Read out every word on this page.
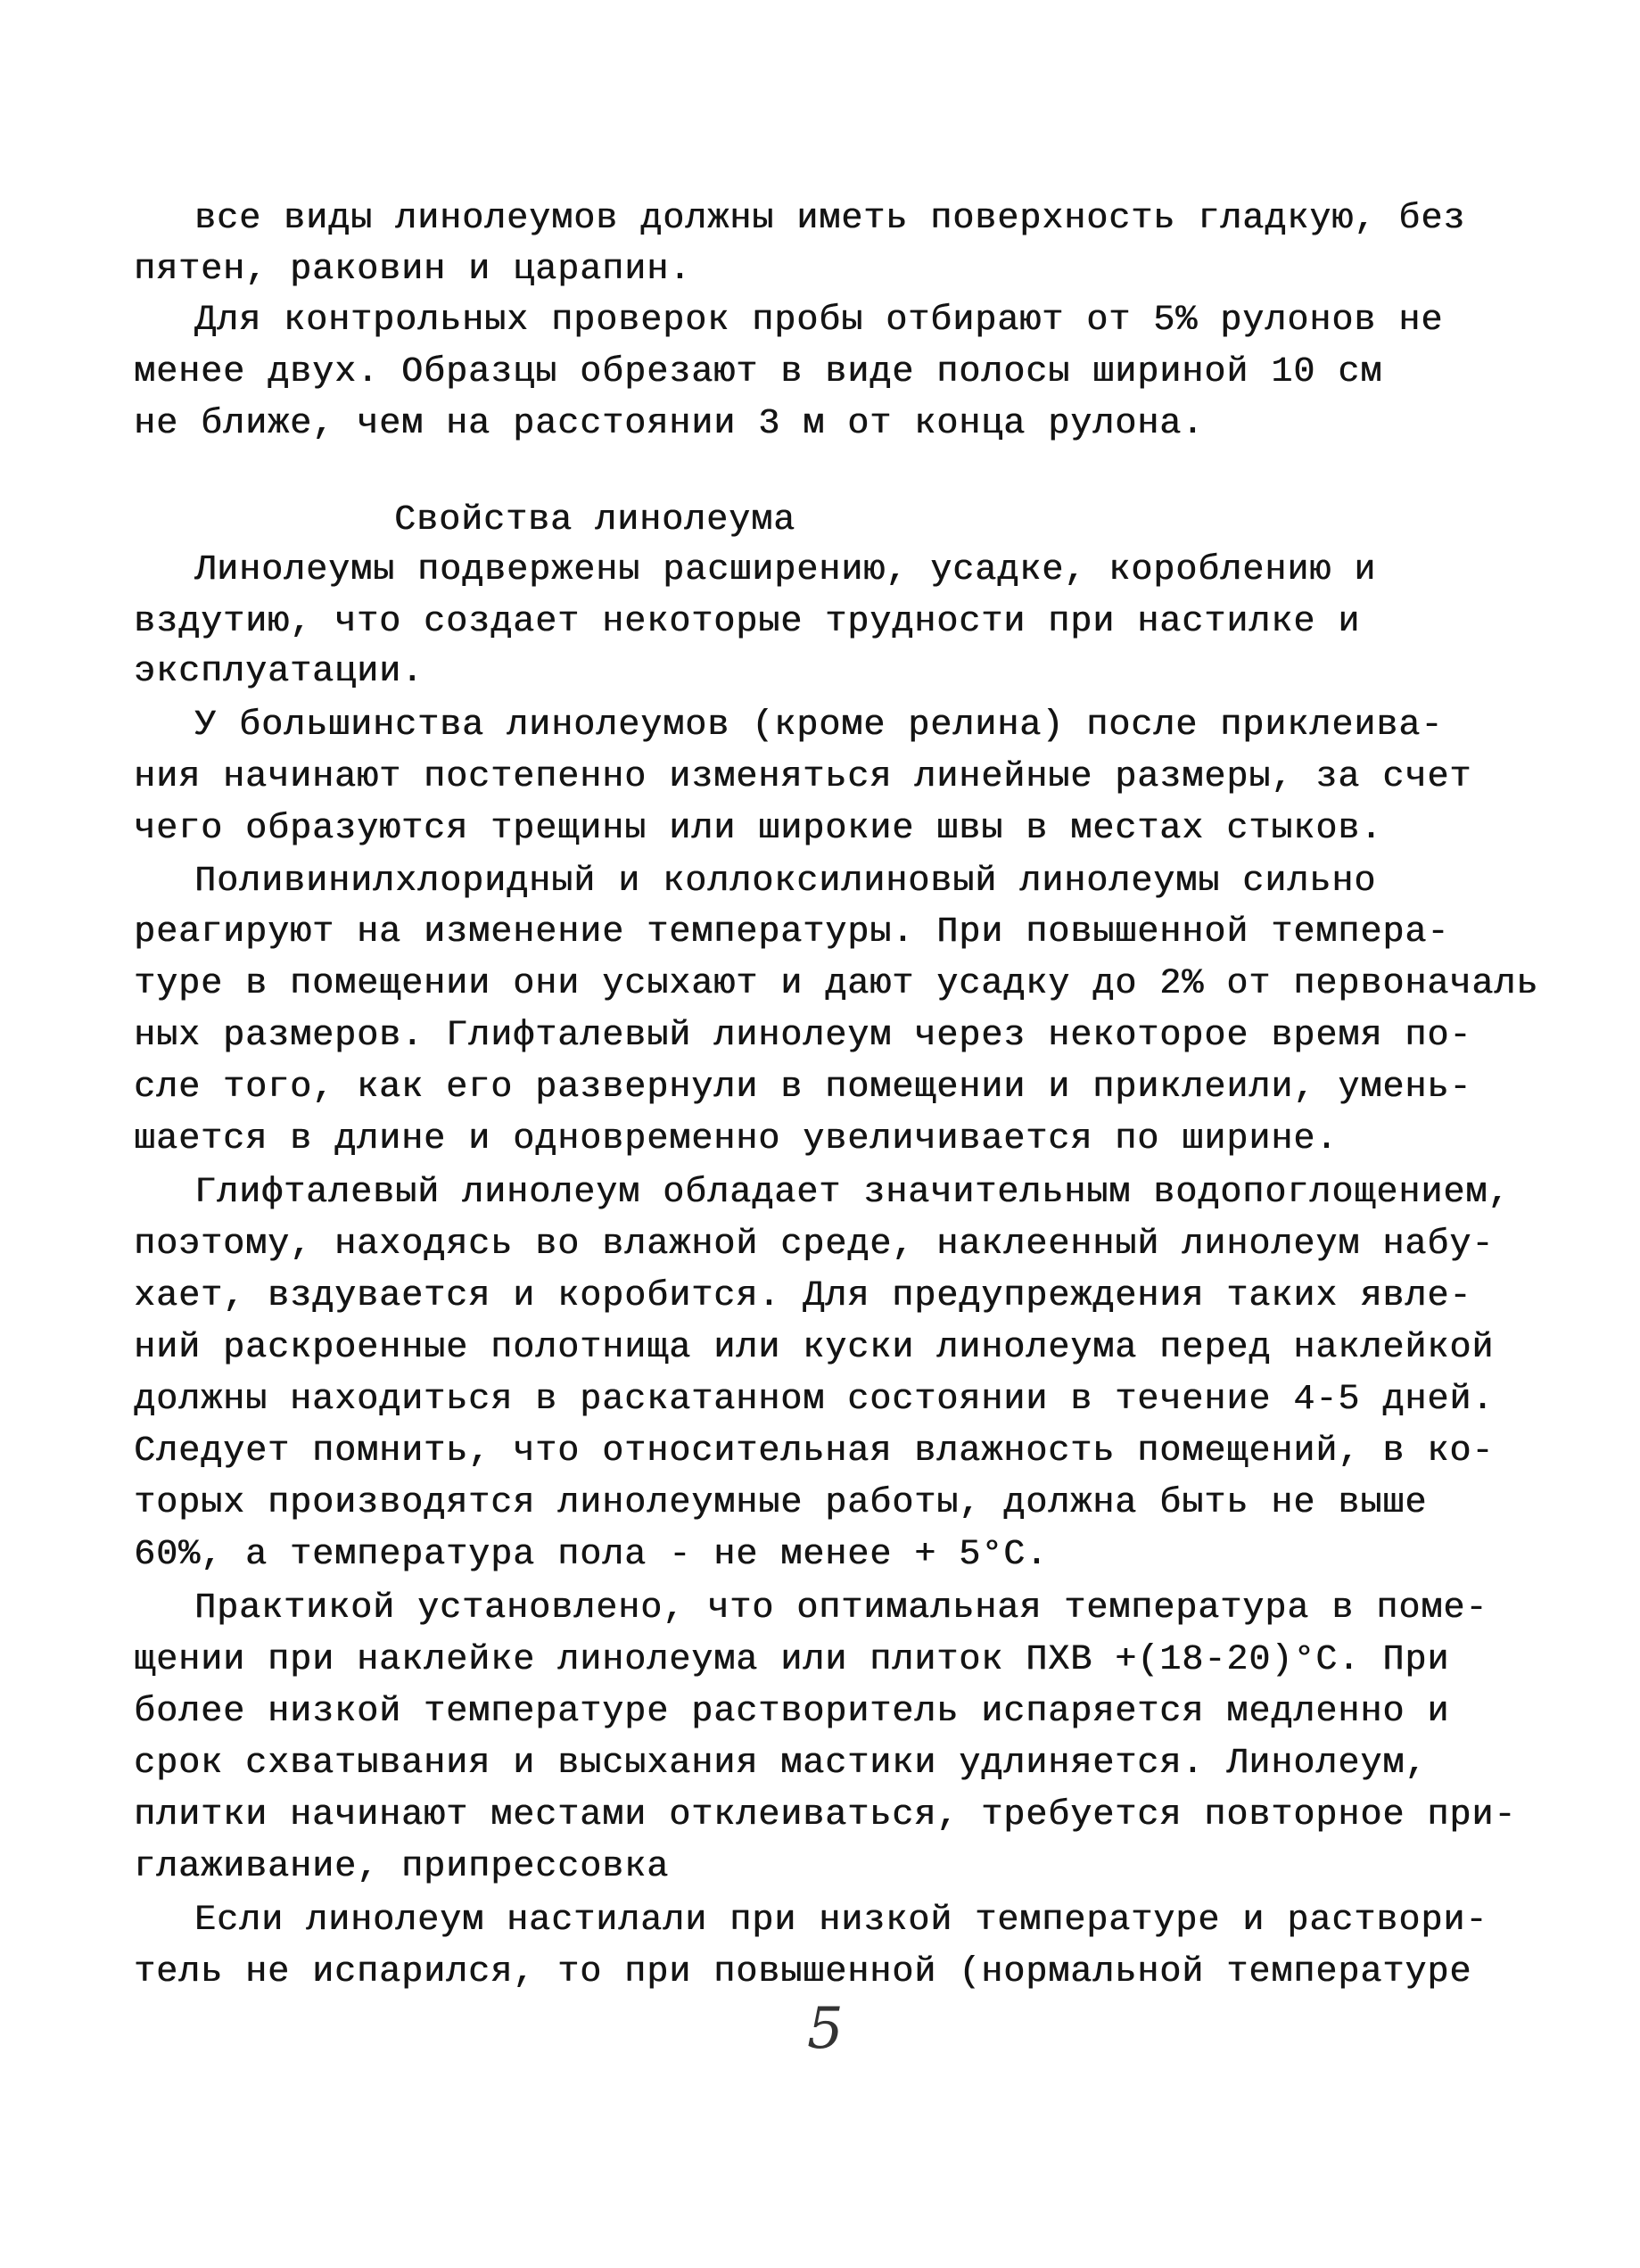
все виды линолеумов должны иметь поверхность гладкую, без
пятен, раковин и царапин.
Для контрольных проверок пробы отбирают от 5% рулонов не
менее двух. Образцы обрезают в виде полосы шириной 10 см
не ближе, чем на расстоянии 3 м от конца рулона.
Свойства линолеума
Линолеумы подвержены расширению, усадке, короблению и
вздутию, что создает некоторые трудности при настилке и
эксплуатации.
У большинства линолеумов (кроме релина) после приклеива-
ния начинают постепенно изменяться линейные размеры, за счет
чего образуются трещины или широкие швы в местах стыков.
Поливинилхлоридный и коллоксилиновый линолеумы сильно
реагируют на изменение температуры. При повышенной темпера-
туре в помещении они усыхают и дают усадку до 2% от первоначаль
ных размеров. Глифталевый линолеум через некоторое время по-
сле того, как его развернули в помещении и приклеили, умень-
шается в длине и одновременно увеличивается по ширине.
Глифталевый линолеум обладает значительным водопоглощением,
поэтому, находясь во влажной среде, наклеенный линолеум набу-
хает, вздувается и коробится. Для предупреждения таких явле-
ний раскроенные полотнища или куски линолеума перед наклейкой
должны находиться в раскатанном состоянии в течение 4-5 дней.
Следует помнить, что относительная влажность помещений, в ко-
торых производятся линолеумные работы, должна быть не выше
60%, а температура пола - не менее + 5°С.
Практикой установлено, что оптимальная температура в поме-
щении при наклейке линолеума или плиток ПХВ +(18-20)°С. При
более низкой температуре растворитель испаряется медленно и
срок схватывания и высыхания мастики удлиняется. Линолеум,
плитки начинают местами отклеиваться, требуется повторное при-
глаживание, припрессовка
Если линолеум настилали при низкой температуре и раствори-
тель не испарился, то при повышенной (нормальной температуре
5
